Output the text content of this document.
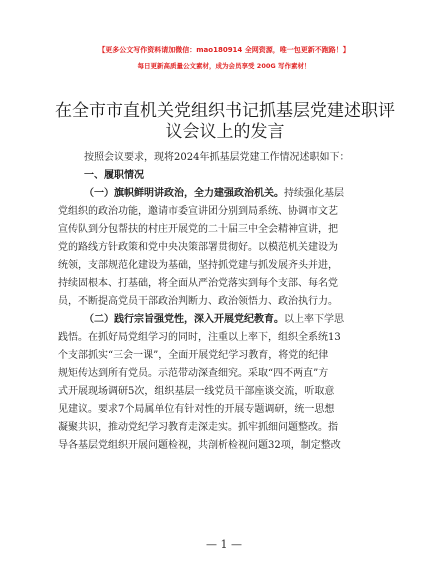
【更多公文写作资料请加微信：mao180914 全网资源，唯一包更新不跑路！】
每日更新高质量公文素材，成为会员享受 200G 写作素材！
在全市市直机关党组织书记抓基层党建述职评
议会议上的发言
按照会议要求，现将2024年抓基层党建工作情况述职如下：
一、履职情况
（一）旗帜鲜明讲政治，全力建强政治机关。持续强化基层
党组织的政治功能，邀请市委宣讲团分别到局系统、协调市文艺
宣传队到分包帮扶的村庄开展党的二十届三中全会精神宣讲，把
党的路线方针政策和党中央决策部署贯彻好。以模范机关建设为
统领，支部规范化建设为基础，坚持抓党建与抓发展齐头并进，
持续固根本、打基础，将全面从严治党落实到每个支部、每名党
员，不断提高党员干部政治判断力、政治领悟力、政治执行力。
（二）践行宗旨强党性，深入开展党纪教育。以上率下学思
践悟。在抓好局党组学习的同时，注重以上率下，组织全系统13
个支部抓实“三会一课”，全面开展党纪学习教育，将党的纪律
规矩传达到所有党员。示范带动深查细究。采取“四不两直”方
式开展现场调研5次，组织基层一线党员干部座谈交流，听取意
见建议。要求7个局属单位有针对性的开展专题调研，统一思想
凝聚共识，推动党纪学习教育走深走实。抓牢抓细问题整改。指
导各基层党组织开展问题检视，共剖析检视问题32项，制定整改
— 1 —
